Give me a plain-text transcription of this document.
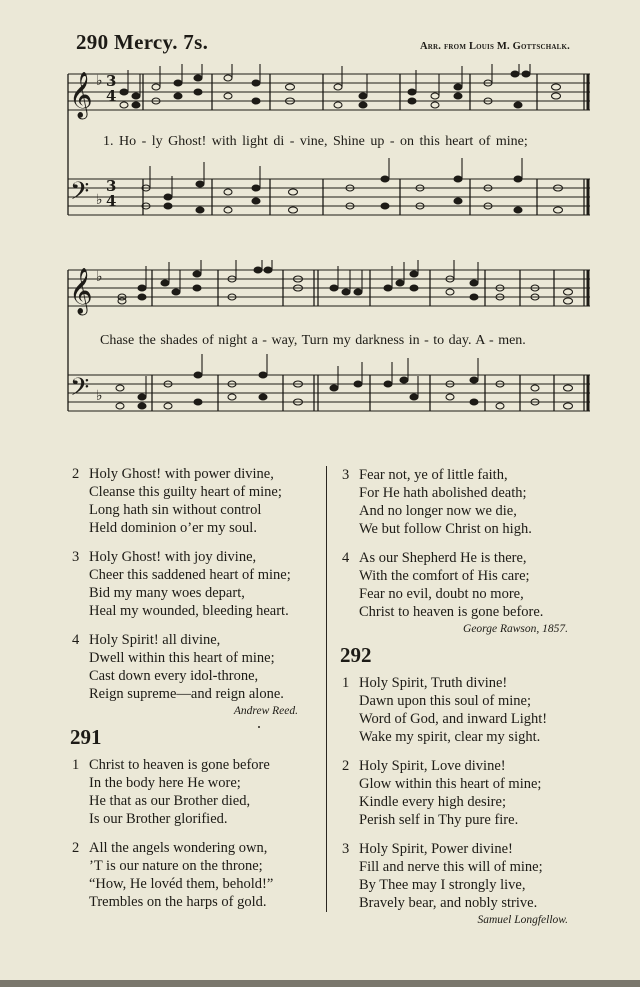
290 Mercy. 7s.	Arr. from Louis M. Gottschalk.
𝄞
𝄢
♭
♭
3
4
3
4
1. Ho - ly Ghost! with light di - vine, Shine up - on this heart of mine;
𝄞
𝄢
♭
♭
Chase the shades of night a - way, Turn my darkness in - to day. A - men.
2 Holy Ghost! with power divine,
Cleanse this guilty heart of mine;
Long hath sin without control
Held dominion o’er my soul.
3 Holy Ghost! with joy divine,
Cheer this saddened heart of mine;
Bid my many woes depart,
Heal my wounded, bleeding heart.
4 Holy Spirit! all divine,
Dwell within this heart of mine;
Cast down every idol-throne,
Reign supreme—and reign alone.
Andrew Reed.
291
1 Christ to heaven is gone before
In the body here He wore;
He that as our Brother died,
Is our Brother glorified.
2 All the angels wondering own,
’T is our nature on the throne;
“How, He lovéd them, behold!”
Trembles on the harps of gold.
3 Fear not, ye of little faith,
For He hath abolished death;
And no longer now we die,
We but follow Christ on high.
4 As our Shepherd He is there,
With the comfort of His care;
Fear no evil, doubt no more,
Christ to heaven is gone before.
George Rawson, 1857.
292
1 Holy Spirit, Truth divine!
Dawn upon this soul of mine;
Word of God, and inward Light!
Wake my spirit, clear my sight.
2 Holy Spirit, Love divine!
Glow within this heart of mine;
Kindle every high desire;
Perish self in Thy pure fire.
3 Holy Spirit, Power divine!
Fill and nerve this will of mine;
By Thee may I strongly live,
Bravely bear, and nobly strive.
Samuel Longfellow.
